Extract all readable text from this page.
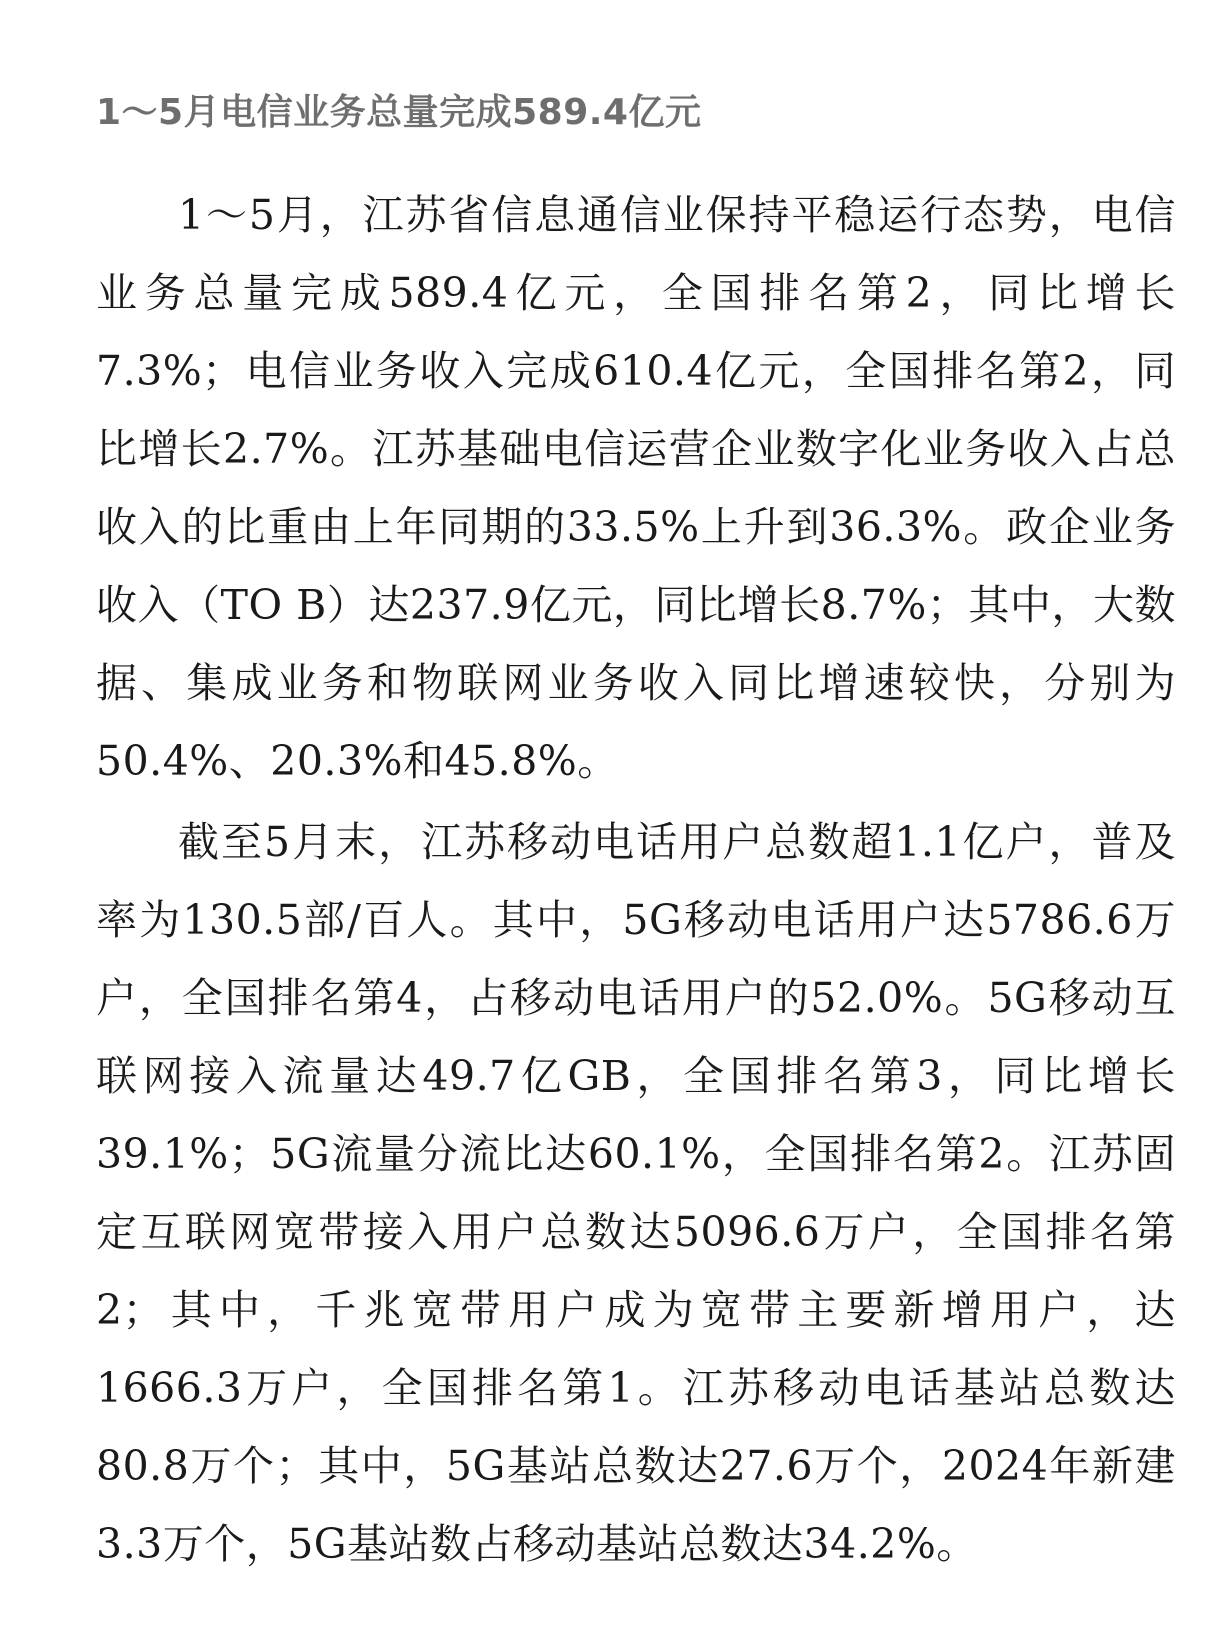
1～5月电信业务总量完成589.4亿元

1～5月，江苏省信息通信业保持平稳运行态势，电信业务总量完成589.4亿元，全国排名第2，同比增长7.3%；电信业务收入完成610.4亿元，全国排名第2，同比增长2.7%。江苏基础电信运营企业数字化业务收入占总收入的比重由上年同期的33.5%上升到36.3%。政企业务收入（TO B）达237.9亿元，同比增长8.7%；其中，大数据、集成业务和物联网业务收入同比增速较快，分别为50.4%、20.3%和45.8%。

截至5月末，江苏移动电话用户总数超1.1亿户，普及率为130.5部/百人。其中，5G移动电话用户达5786.6万户，全国排名第4，占移动电话用户的52.0%。5G移动互联网接入流量达49.7亿GB，全国排名第3，同比增长39.1%；5G流量分流比达60.1%，全国排名第2。江苏固定互联网宽带接入用户总数达5096.6万户，全国排名第2；其中，千兆宽带用户成为宽带主要新增用户，达1666.3万户，全国排名第1。江苏移动电话基站总数达80.8万个；其中，5G基站总数达27.6万个，2024年新建3.3万个，5G基站数占移动基站总数达34.2%。
